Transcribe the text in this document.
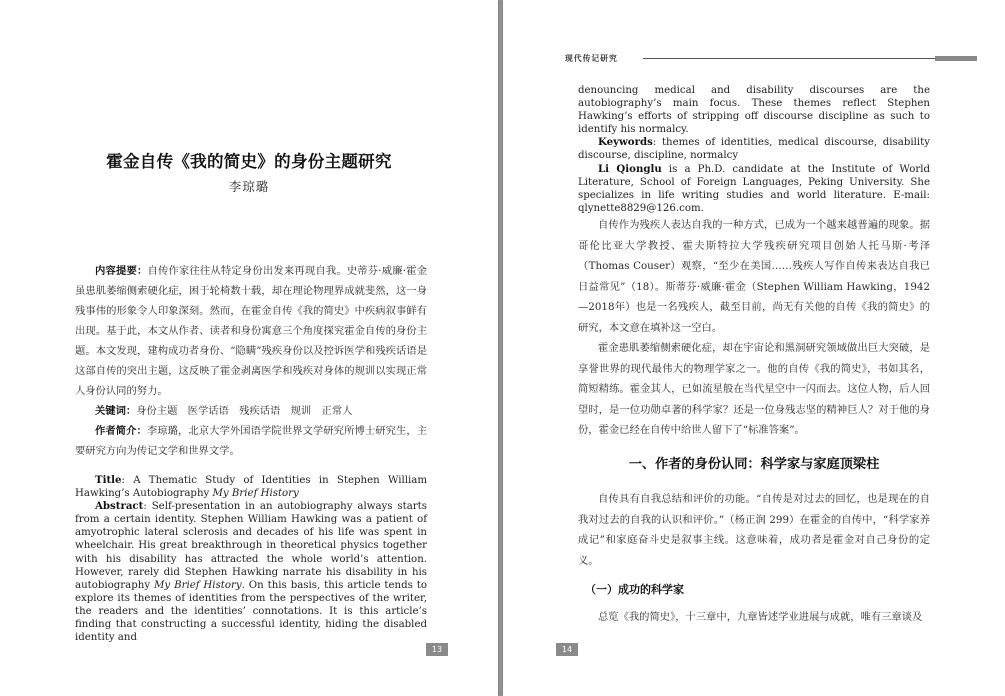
霍金自传《我的简史》的身份主题研究
李琼璐
内容提要：自传作家往往从特定身份出发来再现自我。史蒂芬·威廉·霍金虽患肌萎缩侧索硬化症，困于轮椅数十载，却在理论物理界成就斐然，这一身残事伟的形象令人印象深刻。然而，在霍金自传《我的简史》中疾病叙事鲜有出现。基于此，本文从作者、读者和身份寓意三个角度探究霍金自传的身份主题。本文发现，建构成功者身份、“隐瞒”残疾身份以及控诉医学和残疾话语是这部自传的突出主题，这反映了霍金剥离医学和残疾对身体的规训以实现正常人身份认同的努力。
关键词：身份主题　医学话语　残疾话语　规训　正常人
作者简介：李琼璐，北京大学外国语学院世界文学研究所博士研究生，主要研究方向为传记文学和世界文学。

Title: A Thematic Study of Identities in Stephen William Hawking’s Autobiography My Brief History

Abstract: Self-presentation in an autobiography always starts from a certain identity. Stephen William Hawking was a patient of amyotrophic lateral sclerosis and decades of his life was spent in wheelchair. His great breakthrough in theoretical physics together with his disability has attracted the whole world’s attention. However, rarely did Stephen Hawking narrate his disability in his autobiography My Brief History. On this basis, this article tends to explore its themes of identities from the perspectives of the writer, the readers and the identities’ connotations. It is this article’s finding that constructing a successful identity, hiding the disabled identity and

13
现代传记研究

denouncing medical and disability discourses are the autobiography’s main focus. These themes reflect Stephen Hawking’s efforts of stripping off discourse discipline as such to identify his normalcy.

Keywords: themes of identities, medical discourse, disability discourse, discipline, normalcy

Li Qionglu is a Ph.D. candidate at the Institute of World Literature, School of Foreign Languages, Peking University. She specializes in life writing studies and world literature. E-mail: qlynette8829@126.com.

自传作为残疾人表达自我的一种方式，已成为一个越来越普遍的现象。据哥伦比亚大学教授、霍夫斯特拉大学残疾研究项目创始人托马斯·考泽（Thomas Couser）观察，“至少在美国……残疾人写作自传来表达自我已日益常见”（18）。斯蒂芬·威廉·霍金（Stephen William Hawking，1942—2018年）也是一名残疾人，截至目前，尚无有关他的自传《我的简史》的研究，本文意在填补这一空白。

霍金患肌萎缩侧索硬化症，却在宇宙论和黑洞研究领域做出巨大突破，是享誉世界的现代最伟大的物理学家之一。他的自传《我的简史》，书如其名，简短精练。霍金其人，已如流星般在当代星空中一闪而去。这位人物，后人回望时，是一位功勋卓著的科学家？还是一位身残志坚的精神巨人？对于他的身份，霍金已经在自传中给世人留下了“标准答案”。

一、作者的身份认同：科学家与家庭顶梁柱

自传具有自我总结和评价的功能。“自传是对过去的回忆，也是现在的自我对过去的自我的认识和评价。”（杨正润 299）在霍金的自传中，“科学家养成记”和家庭奋斗史是叙事主线。这意味着，成功者是霍金对自己身份的定义。

（一）成功的科学家

总览《我的简史》，十三章中，九章皆述学业进展与成就，唯有三章谈及

14
